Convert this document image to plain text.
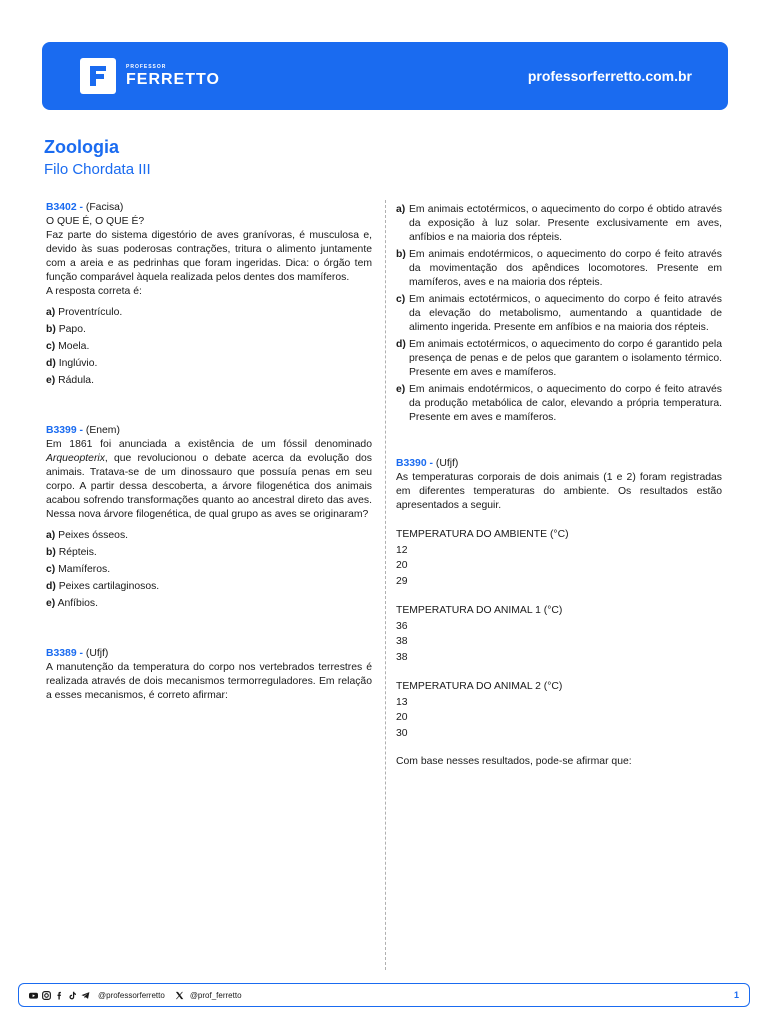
PROFESSOR
FERRETTO	professorferretto.com.br
Zoologia
Filo Chordata III
B3402 - (Facisa)
O QUE É, O QUE É?
Faz parte do sistema digestório de aves granívoras, é musculosa e, devido às suas poderosas contrações, tritura o alimento juntamente com a areia e as pedrinhas que foram ingeridas. Dica: o órgão tem função comparável àquela realizada pelos dentes dos mamíferos.
A resposta correta é:
a) Proventrículo.
b) Papo.
c) Moela.
d) Inglúvio.
e) Rádula.
B3399 - (Enem)
Em 1861 foi anunciada a existência de um fóssil denominado Arqueopterix, que revolucionou o debate acerca da evolução dos animais. Tratava-se de um dinossauro que possuía penas em seu corpo. A partir dessa descoberta, a árvore filogenética dos animais acabou sofrendo transformações quanto ao ancestral direto das aves. Nessa nova árvore filogenética, de qual grupo as aves se originaram?
a) Peixes ósseos.
b) Répteis.
c) Mamíferos.
d) Peixes cartilaginosos.
e) Anfíbios.
B3389 - (Ufjf)
A manutenção da temperatura do corpo nos vertebrados terrestres é realizada através de dois mecanismos termorreguladores. Em relação a esses mecanismos, é correto afirmar:
a) Em animais ectotérmicos, o aquecimento do corpo é obtido através da exposição à luz solar. Presente exclusivamente em aves, anfíbios e na maioria dos répteis.
b) Em animais endotérmicos, o aquecimento do corpo é feito através da movimentação dos apêndices locomotores. Presente em mamíferos, aves e na maioria dos répteis.
c) Em animais ectotérmicos, o aquecimento do corpo é feito através da elevação do metabolismo, aumentando a quantidade de alimento ingerida. Presente em anfíbios e na maioria dos répteis.
d) Em animais ectotérmicos, o aquecimento do corpo é garantido pela presença de penas e de pelos que garantem o isolamento térmico. Presente em aves e mamíferos.
e) Em animais endotérmicos, o aquecimento do corpo é feito através da produção metabólica de calor, elevando a própria temperatura. Presente em aves e mamíferos.
B3390 - (Ufjf)
As temperaturas corporais de dois animais (1 e 2) foram registradas em diferentes temperaturas do ambiente. Os resultados estão apresentados a seguir.
TEMPERATURA DO AMBIENTE (°C)
12
20
29
TEMPERATURA DO ANIMAL 1 (°C)
36
38
38
TEMPERATURA DO ANIMAL 2 (°C)
13
20
30
Com base nesses resultados, pode-se afirmar que:
@professorferretto	@prof_ferretto	1
